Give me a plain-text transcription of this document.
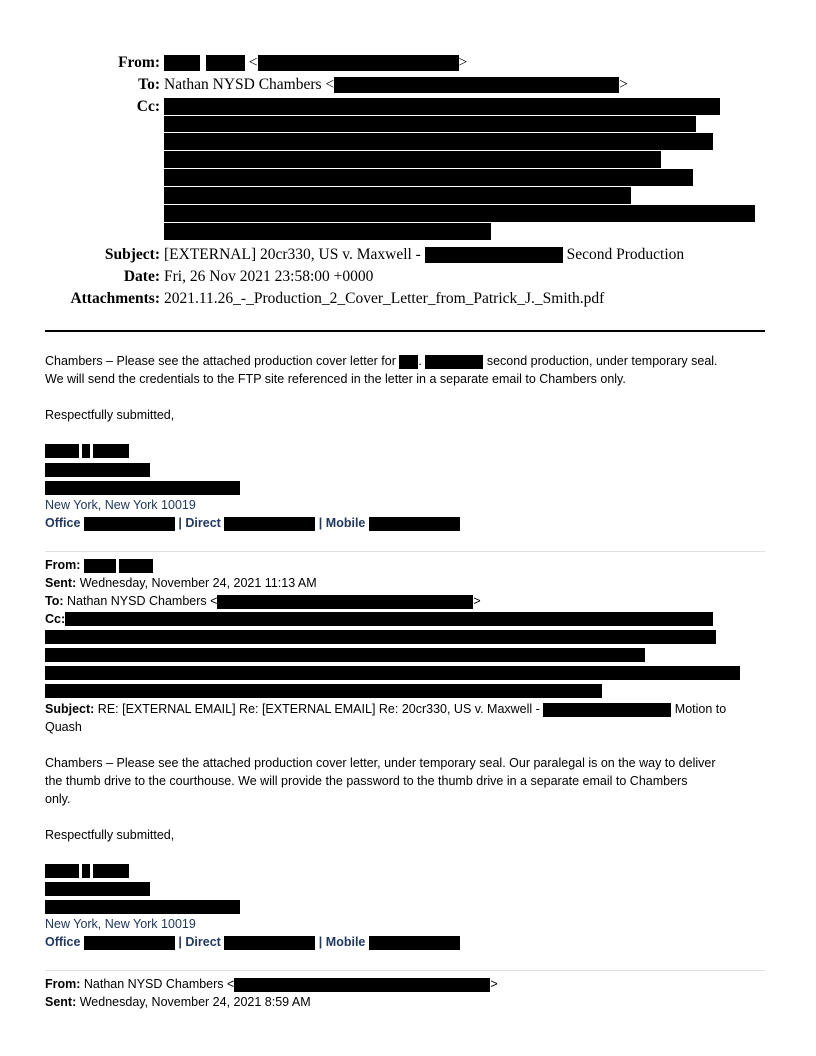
From:	<	>
To: Nathan NYSD Chambers <	>
Cc:
Subject: [EXTERNAL] 20cr330, US v. Maxwell -	Second Production
Date: Fri, 26 Nov 2021 23:58:00 +0000
Attachments: 2021.11.26_-_Production_2_Cover_Letter_from_Patrick_J._Smith.pdf
Chambers – Please see the attached production cover letter for .	second production, under temporary seal.
We will send the credentials to the FTP site referenced in the letter in a separate email to Chambers only.
Respectfully submitted,
New York, New York 10019
Office	| Direct	| Mobile
From:
Sent: Wednesday, November 24, 2021 11:13 AM
To: Nathan NYSD Chambers <	>
Cc:
Subject: RE: [EXTERNAL EMAIL] Re: [EXTERNAL EMAIL] Re: 20cr330, US v. Maxwell -	Motion to
Quash
Chambers – Please see the attached production cover letter, under temporary seal. Our paralegal is on the way to deliver
the thumb drive to the courthouse. We will provide the password to the thumb drive in a separate email to Chambers
only.
Respectfully submitted,
New York, New York 10019
Office	| Direct	| Mobile
From: Nathan NYSD Chambers <	>
Sent: Wednesday, November 24, 2021 8:59 AM
